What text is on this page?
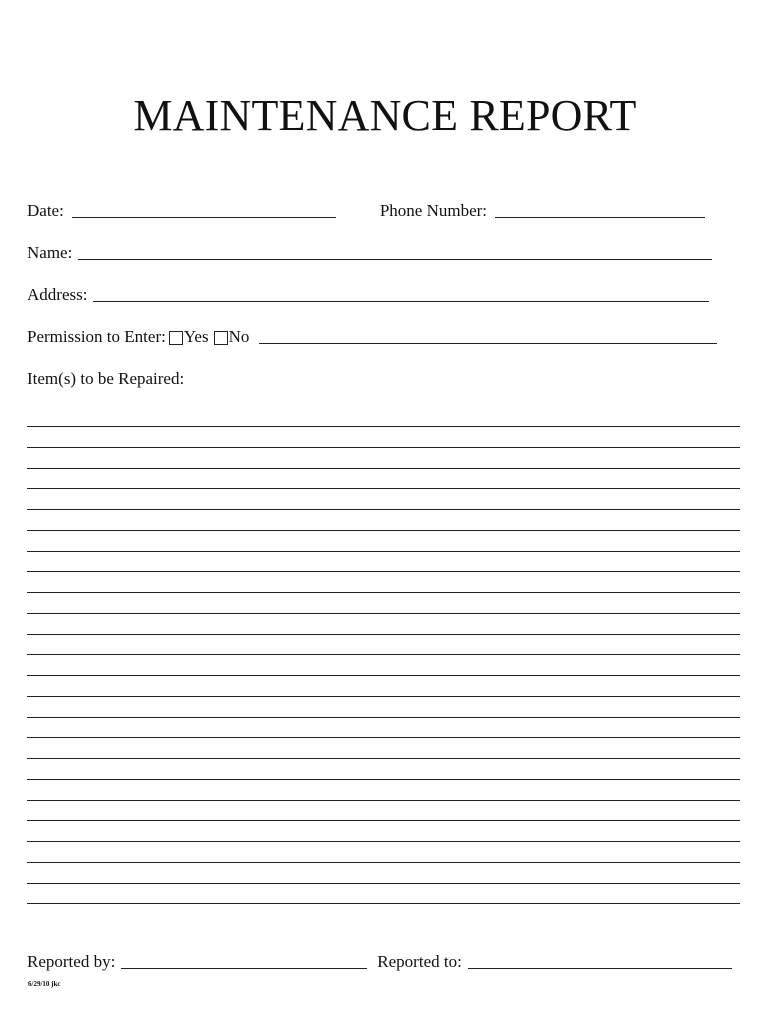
MAINTENANCE REPORT
Date:	Phone Number:
Name:
Address:
Permission to Enter: Yes No
Item(s) to be Repaired:
Reported by:	Reported to:
6/29/10 jkc
